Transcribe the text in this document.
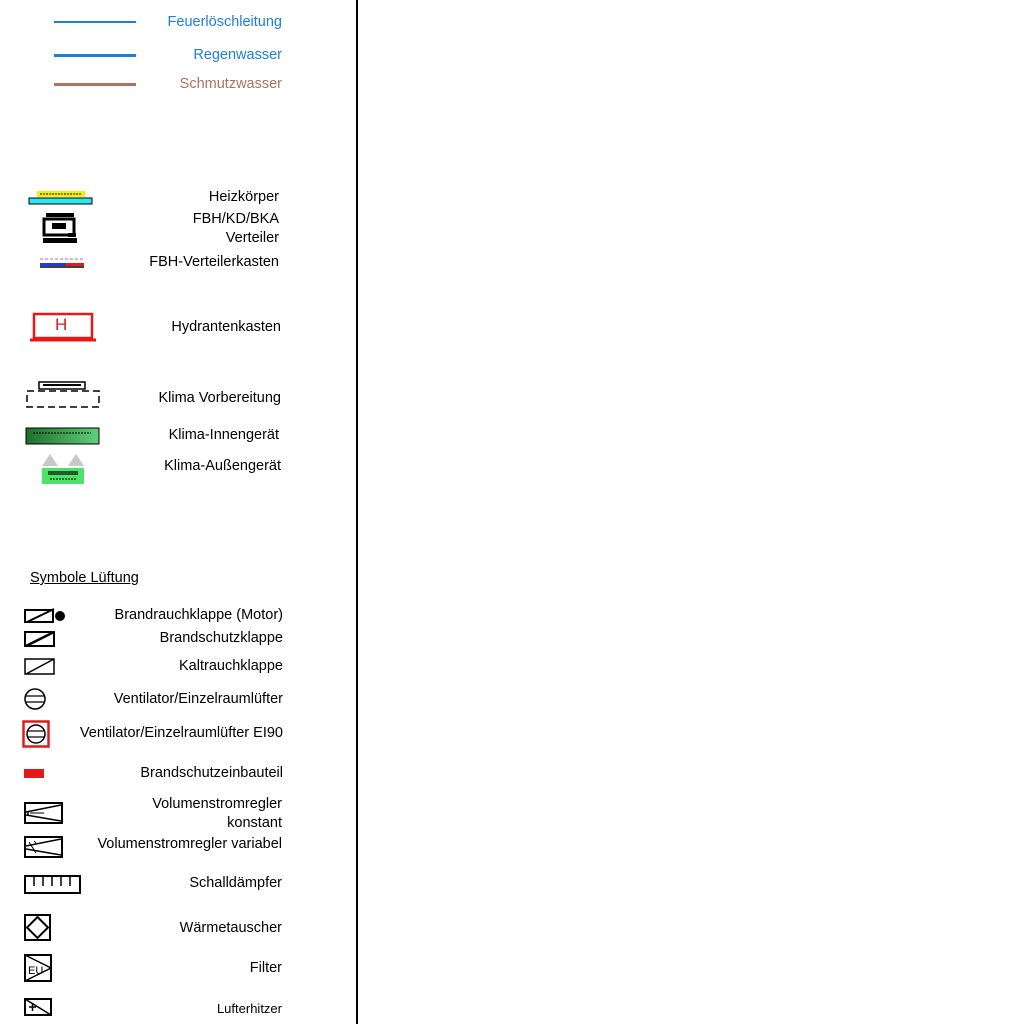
Feuerlöschleitung
Regenwasser
Schmutzwasser
Heizkörper
FBH/KD/BKA
Verteiler
FBH-Verteilerkasten
H	Hydrantenkasten
Klima Vorbereitung
Klima-Innengerät
Klima-Außengerät
Symbole Lüftung
Brandrauchklappe (Motor)
Brandschutzklappe
Kaltrauchklappe
Ventilator/Einzelraumlüfter
Ventilator/Einzelraumlüfter EI90
Brandschutzeinbauteil
Volumenstromregler
konstant
Volumenstromregler variabel
Schalldämpfer
Wärmetauscher
EU	Filter
Lufterhitzer
